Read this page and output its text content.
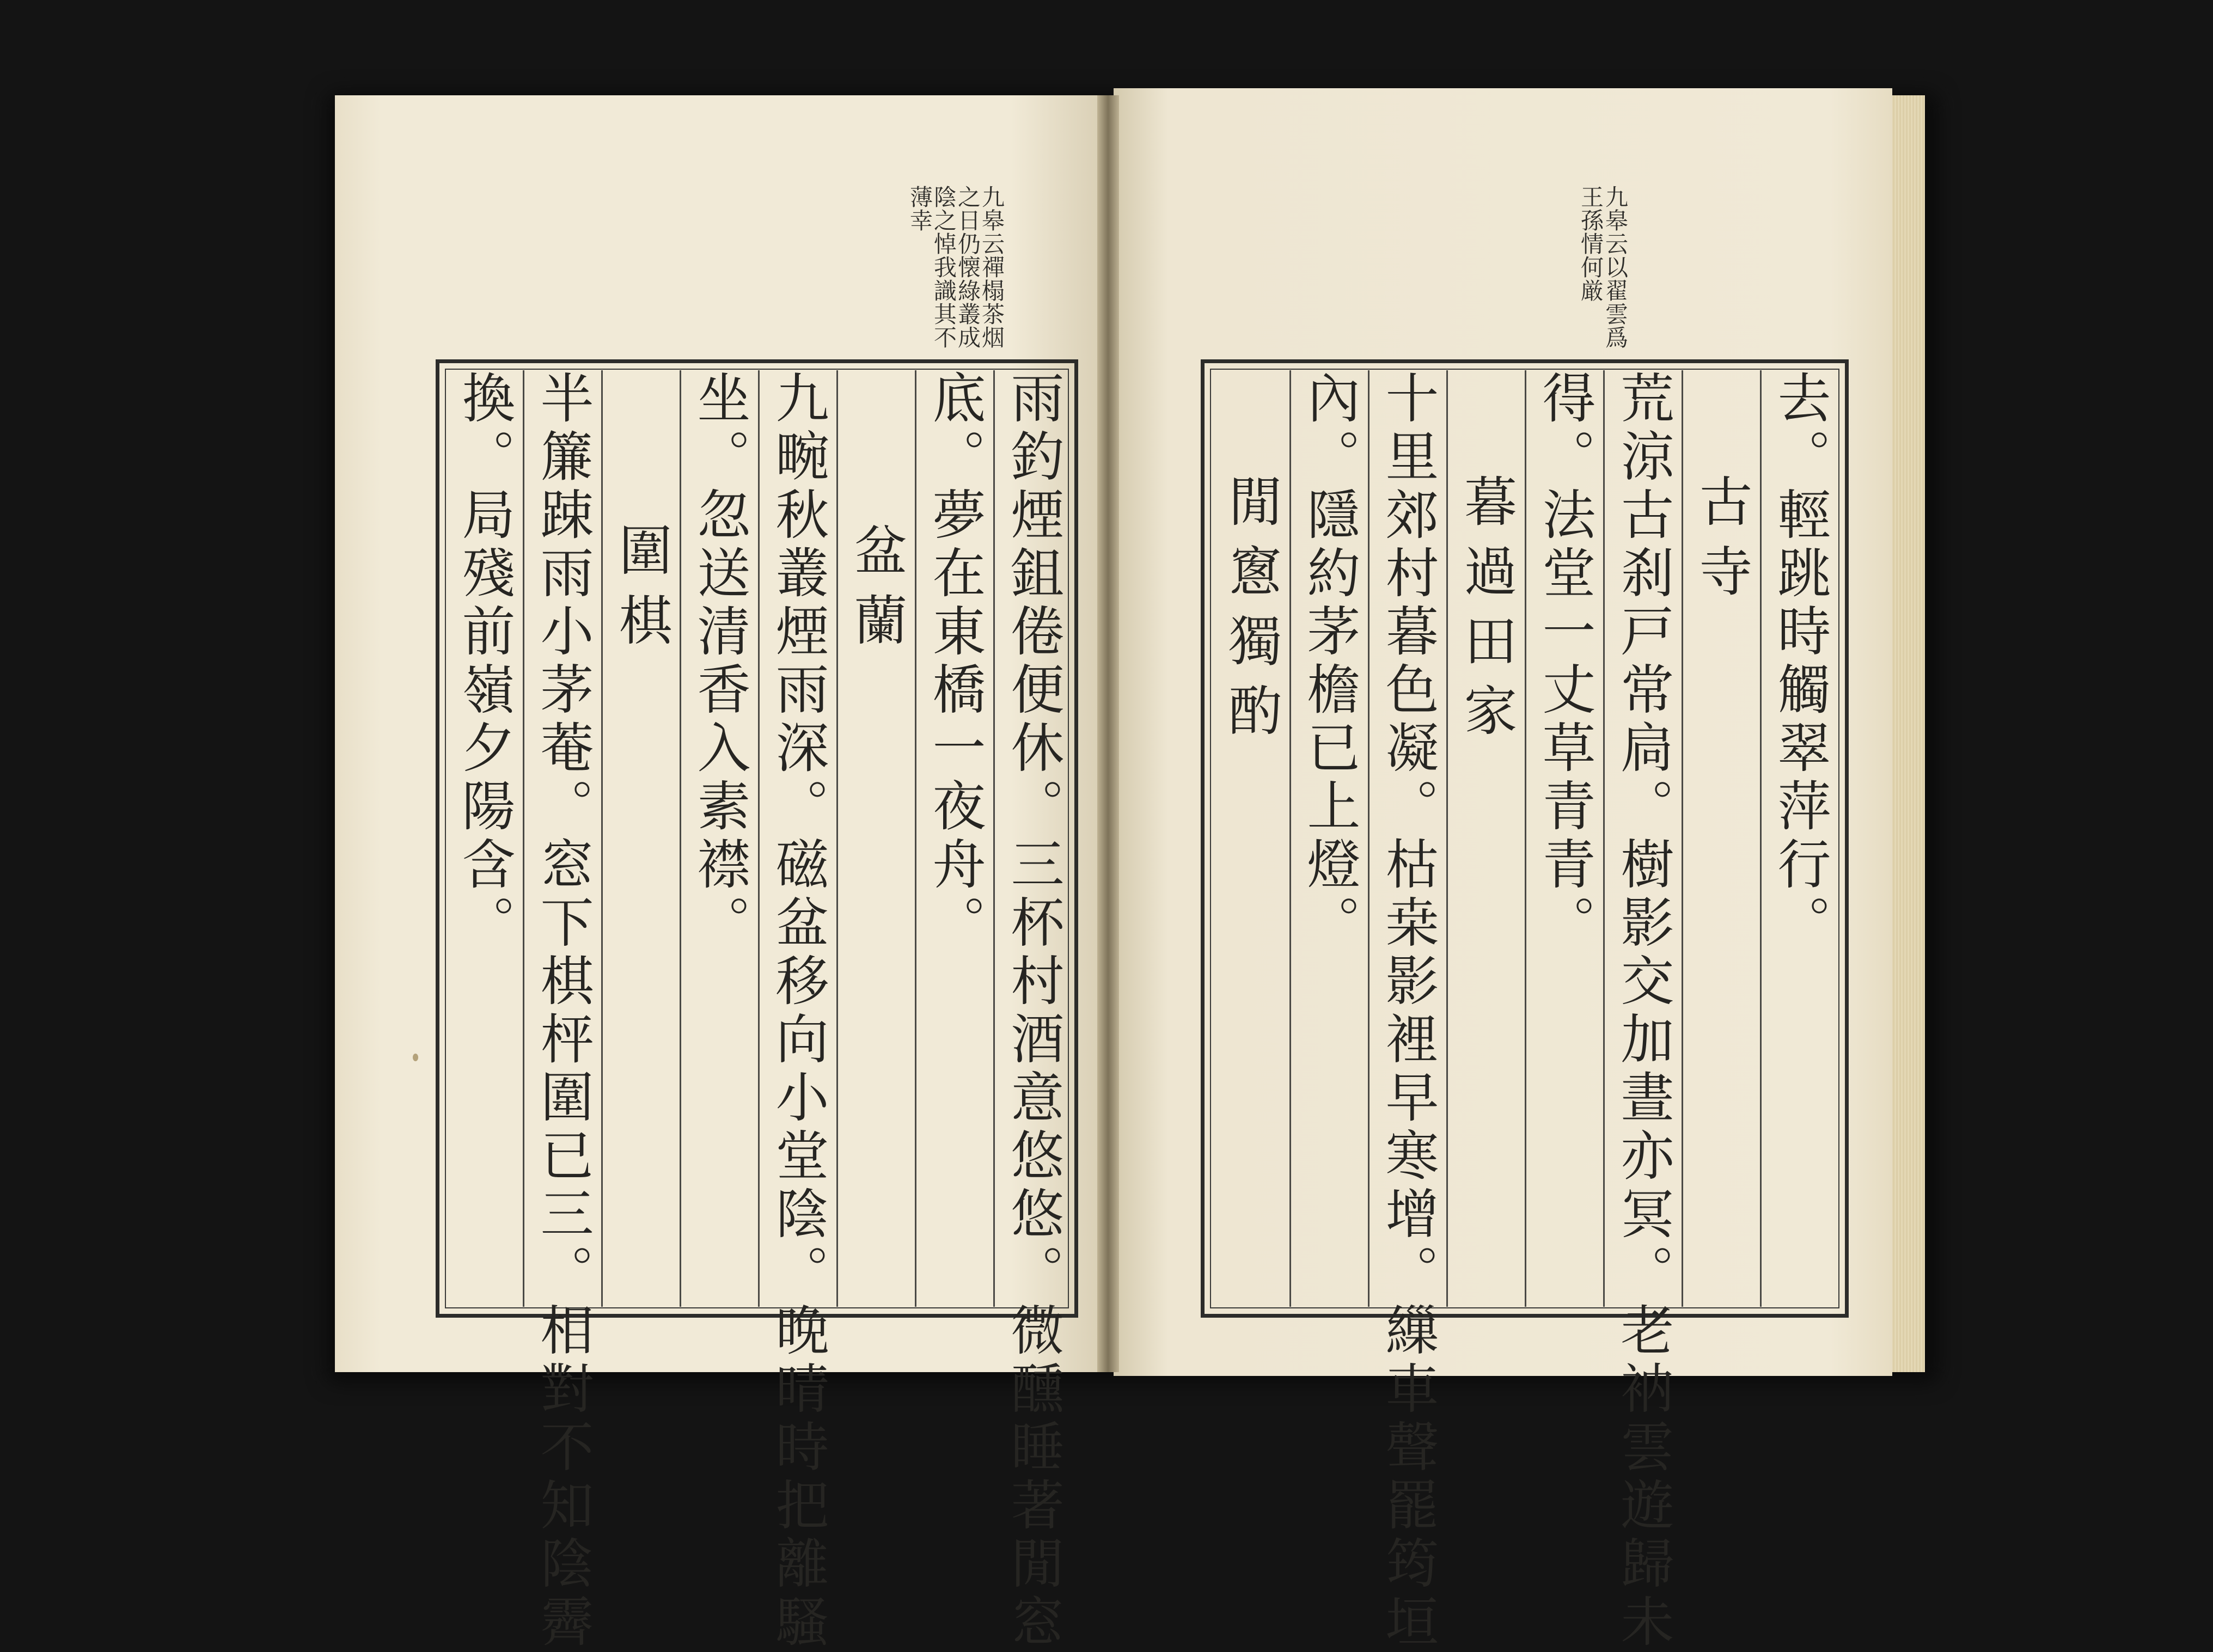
九皋云禪榻茶烟
之日仍懐綠叢成
陰之悼我識其不
薄幸	九皋云以翟雲爲
王孫情何厳
雨釣煙鉏倦便休。三杯村酒意悠悠。微醺睡著閒窓
底。夢在東橋一夜舟。
盆蘭
九畹秋叢煙雨深。磁盆移向小堂陰。晚晴時把離騷
坐。忽送清香入素襟。
圍棋
半簾踈雨小茅菴。窓下棋枰圍已三。相對不知陰霽
換。局殘前嶺夕陽含。	去。輕跳時觸翠萍行。
古寺
荒涼古刹戸常扃。樹影交加晝亦冥。老衲雲遊歸未
得。法堂一丈草青青。
暮過田家
十里郊村暮色凝。枯桒影裡早寒增。繅車聲罷筠垣
內。隱約茅檐已上燈。
閒窻獨酌
